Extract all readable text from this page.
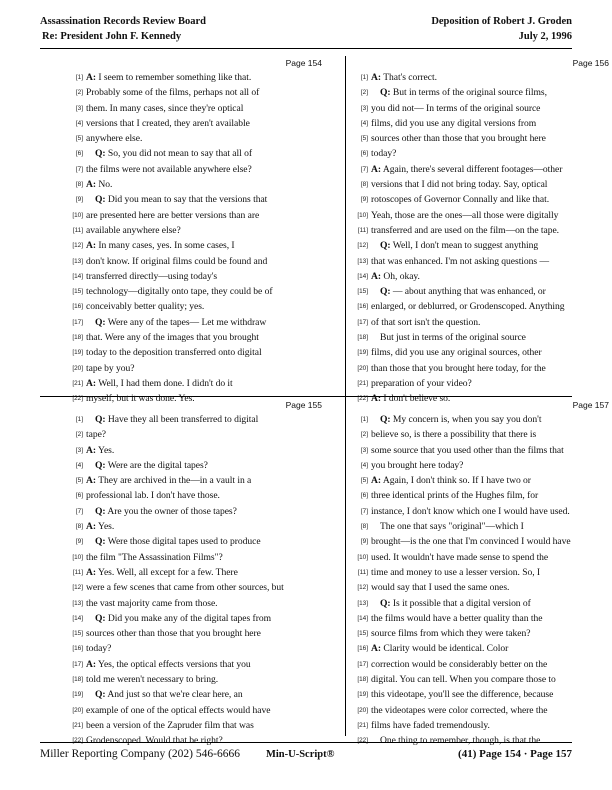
Assassination Records Review Board
Re: President John F. Kennedy
Deposition of Robert J. Groden
July 2, 1996
Page 154
[1] A: I seem to remember something like that.
[2] Probably some of the films, perhaps not all of
[3] them. In many cases, since they're optical
[4] versions that I created, they aren't available
[5] anywhere else.
[6]	Q: So, you did not mean to say that all of
[7] the films were not available anywhere else?
[8] A: No.
[9]	Q: Did you mean to say that the versions that
[10] are presented here are better versions than are
[11] available anywhere else?
[12] A: In many cases, yes. In some cases, I
[13] don't know. If original films could be found and
[14] transferred directly—using today's
[15] technology—digitally onto tape, they could be of
[16] conceivably better quality; yes.
[17]	Q: Were any of the tapes— Let me withdraw
[18] that. Were any of the images that you brought
[19] today to the deposition transferred onto digital
[20] tape by you?
[21] A: Well, I had them done. I didn't do it
[22] myself, but it was done. Yes.
Page 156
[1] A: That's correct.
[2]	Q: But in terms of the original source films,
[3] you did not— In terms of the original source
[4] films, did you use any digital versions from
[5] sources other than those that you brought here
[6] today?
[7] A: Again, there's several different footages—other
[8] versions that I did not bring today. Say, optical
[9] rotoscopes of Governor Connally and like that.
[10] Yeah, those are the ones—all those were digitally
[11] transferred and are used on the film—on the tape.
[12]	Q: Well, I don't mean to suggest anything
[13] that was enhanced. I'm not asking questions —
[14] A: Oh, okay.
[15]	Q: — about anything that was enhanced, or
[16] enlarged, or deblurred, or Grodenscoped. Anything
[17] of that sort isn't the question.
[18]	But just in terms of the original source
[19] films, did you use any original sources, other
[20] than those that you brought here today, for the
[21] preparation of your video?
[22] A: I don't believe so.
Page 155
[1]	Q: Have they all been transferred to digital
[2] tape?
[3] A: Yes.
[4]	Q: Were are the digital tapes?
[5] A: They are archived in the—in a vault in a
[6] professional lab. I don't have those.
[7]	Q: Are you the owner of those tapes?
[8] A: Yes.
[9]	Q: Were those digital tapes used to produce
[10] the film "The Assassination Films"?
[11] A: Yes. Well, all except for a few. There
[12] were a few scenes that came from other sources, but
[13] the vast majority came from those.
[14]	Q: Did you make any of the digital tapes from
[15] sources other than those that you brought here
[16] today?
[17] A: Yes, the optical effects versions that you
[18] told me weren't necessary to bring.
[19]	Q: And just so that we're clear here, an
[20] example of one of the optical effects would have
[21] been a version of the Zapruder film that was
[22] Grodenscoped. Would that be right?
Page 157
[1]	Q: My concern is, when you say you don't
[2] believe so, is there a possibility that there is
[3] some source that you used other than the films that
[4] you brought here today?
[5] A: Again, I don't think so. If I have two or
[6] three identical prints of the Hughes film, for
[7] instance, I don't know which one I would have used.
[8]	The one that says "original"—which I
[9] brought—is the one that I'm convinced I would have
[10] used. It wouldn't have made sense to spend the
[11] time and money to use a lesser version. So, I
[12] would say that I used the same ones.
[13]	Q: Is it possible that a digital version of
[14] the films would have a better quality than the
[15] source films from which they were taken?
[16] A: Clarity would be identical. Color
[17] correction would be considerably better on the
[18] digital. You can tell. When you compare those to
[19] this videotape, you'll see the difference, because
[20] the videotapes were color corrected, where the
[21] films have faded tremendously.
[22]	One thing to remember, though, is that the
Miller Reporting Company (202) 546-6666 Min-U-Script®	(41) Page 154 · Page 157
